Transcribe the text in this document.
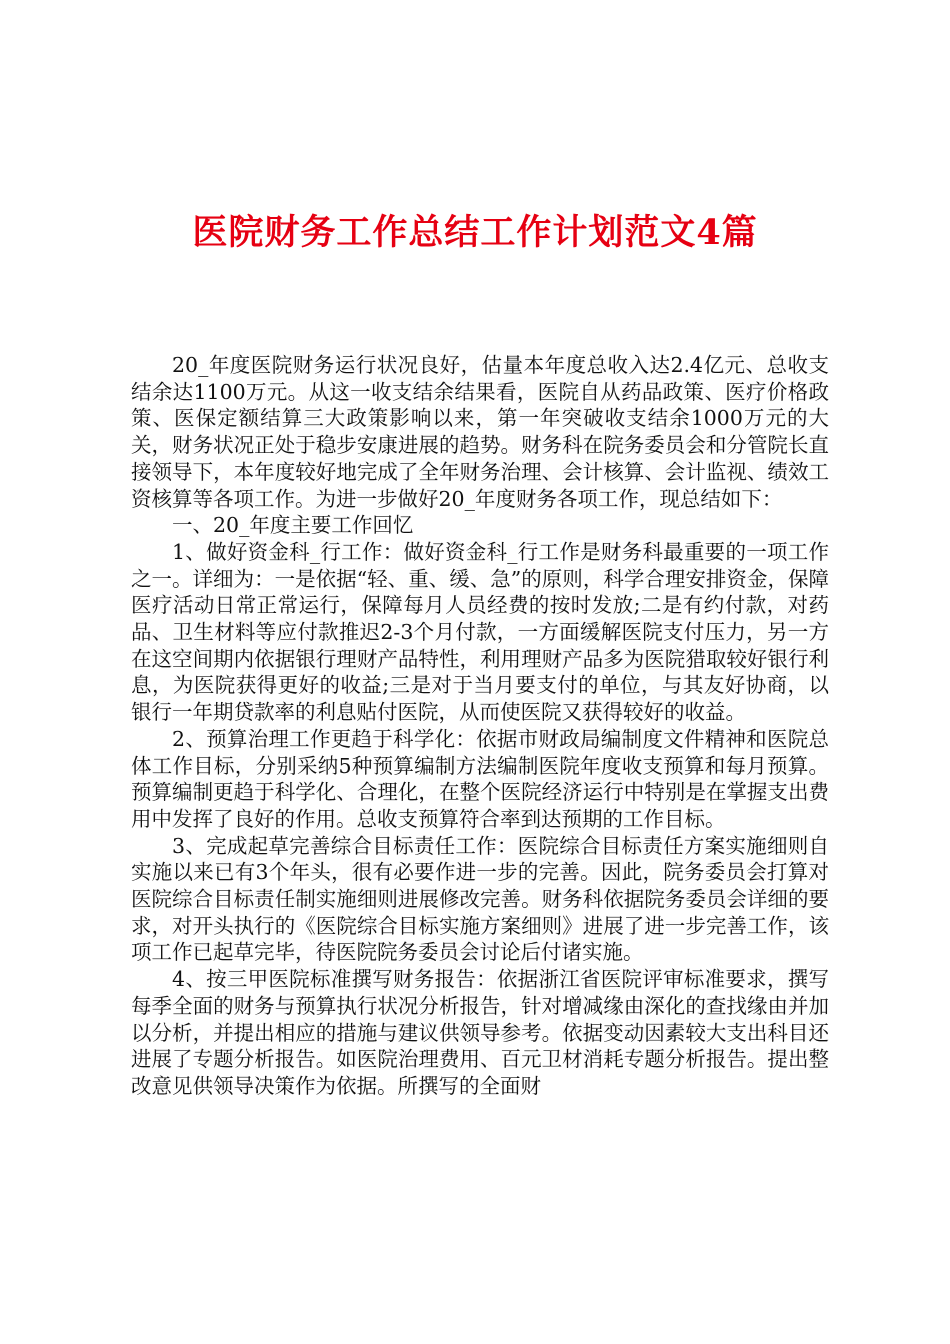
医院财务工作总结工作计划范文4篇

20_年度医院财务运行状况良好，估量本年度总收入达2.4亿元、总收支结余达1100万元。从这一收支结余结果看，医院自从药品政策、医疗价格政策、医保定额结算三大政策影响以来，第一年突破收支结余1000万元的大关，财务状况正处于稳步安康进展的趋势。财务科在院务委员会和分管院长直接领导下，本年度较好地完成了全年财务治理、会计核算、会计监视、绩效工资核算等各项工作。为进一步做好20_年度财务各项工作，现总结如下：

一、20_年度主要工作回忆

1、做好资金科_行工作：做好资金科_行工作是财务科最重要的一项工作之一。详细为：一是依据“轻、重、缓、急”的原则，科学合理安排资金，保障医疗活动日常正常运行，保障每月人员经费的按时发放;二是有约付款，对药品、卫生材料等应付款推迟2-3个月付款，一方面缓解医院支付压力，另一方在这空间期内依据银行理财产品特性，利用理财产品多为医院猎取较好银行利息，为医院获得更好的收益;三是对于当月要支付的单位，与其友好协商，以银行一年期贷款率的利息贴付医院，从而使医院又获得较好的收益。

2、预算治理工作更趋于科学化：依据市财政局编制度文件精神和医院总体工作目标，分别采纳5种预算编制方法编制医院年度收支预算和每月预算。预算编制更趋于科学化、合理化，在整个医院经济运行中特别是在掌握支出费用中发挥了良好的作用。总收支预算符合率到达预期的工作目标。

3、完成起草完善综合目标责任工作：医院综合目标责任方案实施细则自实施以来已有3个年头，很有必要作进一步的完善。因此，院务委员会打算对医院综合目标责任制实施细则进展修改完善。财务科依据院务委员会详细的要求，对开头执行的《医院综合目标实施方案细则》进展了进一步完善工作，该项工作已起草完毕，待医院院务委员会讨论后付诸实施。

4、按三甲医院标准撰写财务报告：依据浙江省医院评审标准要求，撰写每季全面的财务与预算执行状况分析报告，针对增减缘由深化的查找缘由并加以分析，并提出相应的措施与建议供领导参考。依据变动因素较大支出科目还进展了专题分析报告。如医院治理费用、百元卫材消耗专题分析报告。提出整改意见供领导决策作为依据。所撰写的全面财
